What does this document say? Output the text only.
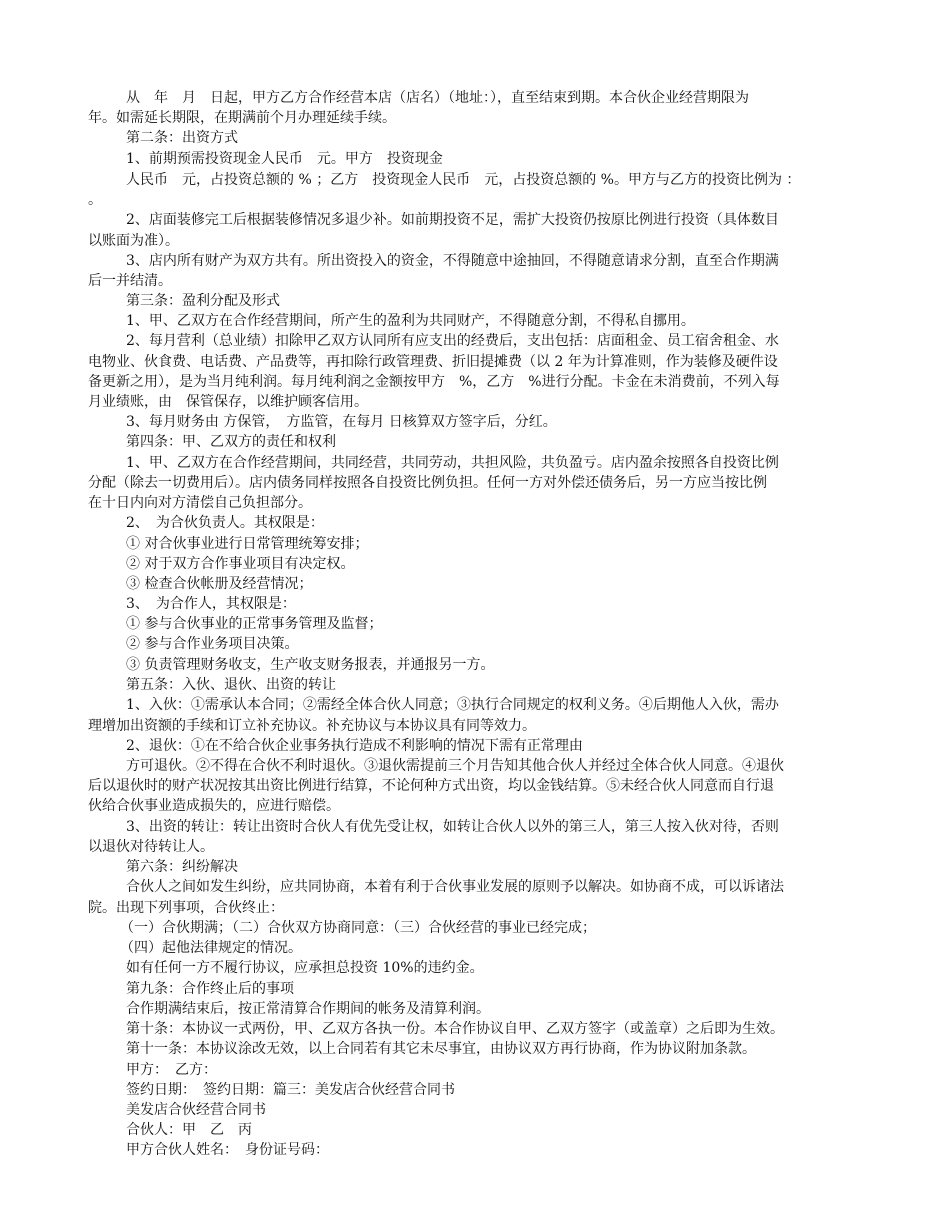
从　年　月　日起，甲方乙方合作经营本店（店名）（地址：），直至结束到期。本合伙企业经营期限为
年。如需延长期限，在期满前个月办理延续手续。
第二条：出资方式
1、前期预需投资现金人民币　元。甲方　投资现金
人民币　元，占投资总额的 % ；乙方　投资现金人民币　元，占投资总额的 %。甲方与乙方的投资比例为 ：
。
2、店面装修完工后根据装修情况多退少补。如前期投资不足，需扩大投资仍按原比例进行投资（具体数目
以账面为准）。
3、店内所有财产为双方共有。所出资投入的资金，不得随意中途抽回，不得随意请求分割，直至合作期满
后一并结清。
第三条：盈利分配及形式
1、甲、乙双方在合作经营期间，所产生的盈利为共同财产，不得随意分割，不得私自挪用。
2、每月营利（总业绩）扣除甲乙双方认同所有应支出的经费后，支出包括：店面租金、员工宿舍租金、水
电物业、伙食费、电话费、产品费等，再扣除行政管理费、折旧提摊费（以 2 年为计算准则，作为装修及硬件设
备更新之用），是为当月纯利润。每月纯利润之金额按甲方　%，乙方　%进行分配。卡金在未消费前，不列入每
月业绩账，由　保管保存，以维护顾客信用。
3、每月财务由 方保管，　方监管，在每月 日核算双方签字后，分红。
第四条：甲、乙双方的责任和权利
1、甲、乙双方在合作经营期间，共同经营，共同劳动，共担风险，共负盈亏。店内盈余按照各自投资比例
分配（除去一切费用后）。店内债务同样按照各自投资比例负担。任何一方对外偿还债务后，另一方应当按比例
在十日内向对方清偿自己负担部分。
2、　为合伙负责人。其权限是：
① 对合伙事业进行日常管理统筹安排；
② 对于双方合作事业项目有决定权。
③ 检查合伙帐册及经营情况；
3、　为合作人，其权限是：
① 参与合伙事业的正常事务管理及监督；
② 参与合作业务项目决策。
③ 负责管理财务收支，生产收支财务报表，并通报另一方。
第五条：入伙、退伙、出资的转让
1、入伙：①需承认本合同；②需经全体合伙人同意；③执行合同规定的权利义务。④后期他人入伙，需办
理增加出资额的手续和订立补充协议。补充协议与本协议具有同等效力。
2、退伙：①在不给合伙企业事务执行造成不利影响的情况下需有正常理由
方可退伙。②不得在合伙不利时退伙。③退伙需提前三个月告知其他合伙人并经过全体合伙人同意。④退伙
后以退伙时的财产状况按其出资比例进行结算，不论何种方式出资，均以金钱结算。⑤未经合伙人同意而自行退
伙给合伙事业造成损失的，应进行赔偿。
3、出资的转让：转让出资时合伙人有优先受让权，如转让合伙人以外的第三人，第三人按入伙对待，否则
以退伙对待转让人。
第六条：纠纷解决
合伙人之间如发生纠纷，应共同协商，本着有利于合伙事业发展的原则予以解决。如协商不成，可以诉诸法
院。出现下列事项，合伙终止：
（一）合伙期满；（二）合伙双方协商同意：（三）合伙经营的事业已经完成；
（四）起他法律规定的情况。
如有任何一方不履行协议，应承担总投资 10%的违约金。
第九条：合作终止后的事项
合作期满结束后，按正常清算合作期间的帐务及清算利润。
第十条：本协议一式两份，甲、乙双方各执一份。本合作协议自甲、乙双方签字（或盖章）之后即为生效。
第十一条：本协议涂改无效，以上合同若有其它未尽事宜，由协议双方再行协商，作为协议附加条款。
甲方：　乙方：
签约日期：　签约日期：篇三：美发店合伙经营合同书
美发店合伙经营合同书
合伙人：甲　乙　丙
甲方合伙人姓名：　身份证号码：
